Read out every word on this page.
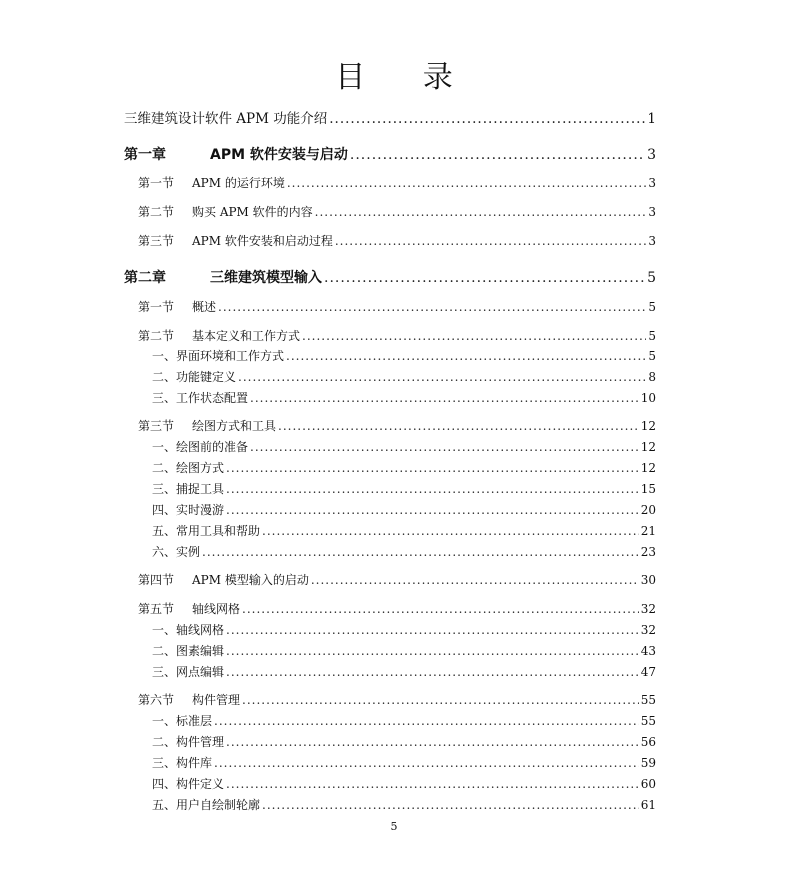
目 录
三维建筑设计软件 APM 功能介绍 .....	1
第一章	APM 软件安装与启动 .....	3
第一节 APM 的运行环境 .....	3
第二节 购买 APM 软件的内容 .....	3
第三节 APM 软件安装和启动过程 .....	3
第二章	三维建筑模型输入 .....	5
第一节 概述 .....	5
第二节 基本定义和工作方式 .....	5
一、界面环境和工作方式 .....	5
二、功能键定义 .....	8
三、工作状态配置 .....	10
第三节 绘图方式和工具 .....	12
一、绘图前的准备 .....	12
二、绘图方式 .....	12
三、捕捉工具 .....	15
四、实时漫游 .....	20
五、常用工具和帮助 .....	21
六、实例 .....	23
第四节 APM 模型输入的启动 .....	30
第五节 轴线网格 .....	32
一、轴线网格 .....	32
二、图素编辑 .....	43
三、网点编辑 .....	47
第六节 构件管理 .....	55
一、标准层 .....	55
二、构件管理 .....	56
三、构件库 .....	59
四、构件定义 .....	60
五、用户自绘制轮廓 .....	61
5
